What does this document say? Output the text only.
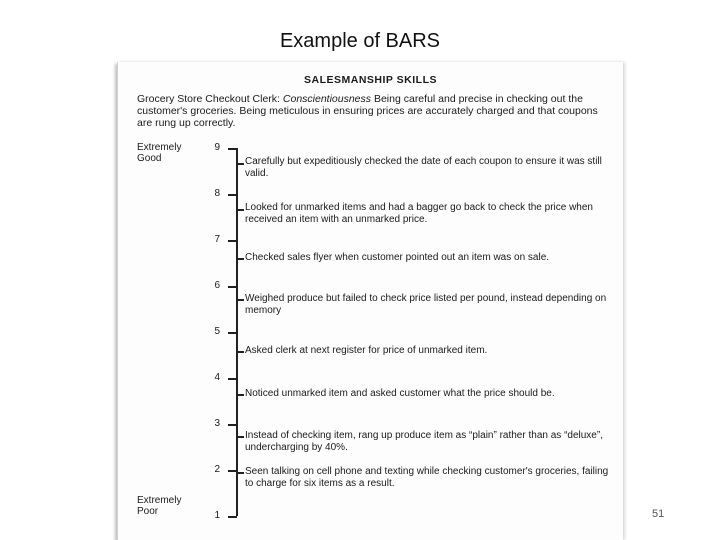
Example of BARS
SALESMANSHIP SKILLS
Grocery Store Checkout Clerk: Conscientiousness Being careful and precise in checking out the customer's groceries. Being meticulous in ensuring prices are accurately charged and that coupons are rung up correctly.
Extremely Good
Extremely Poor
9
8
7
6
5
4
3
2
1
Carefully but expeditiously checked the date of each coupon to ensure it was still valid.
Looked for unmarked items and had a bagger go back to check the price when received an item with an unmarked price.
Checked sales flyer when customer pointed out an item was on sale.
Weighed produce but failed to check price listed per pound, instead depending on memory
Asked clerk at next register for price of unmarked item.
Noticed unmarked item and asked customer what the price should be.
Instead of checking item, rang up produce item as “plain” rather than as “deluxe”, undercharging by 40%.
Seen talking on cell phone and texting while checking customer's groceries, failing to charge for six items as a result.
51
